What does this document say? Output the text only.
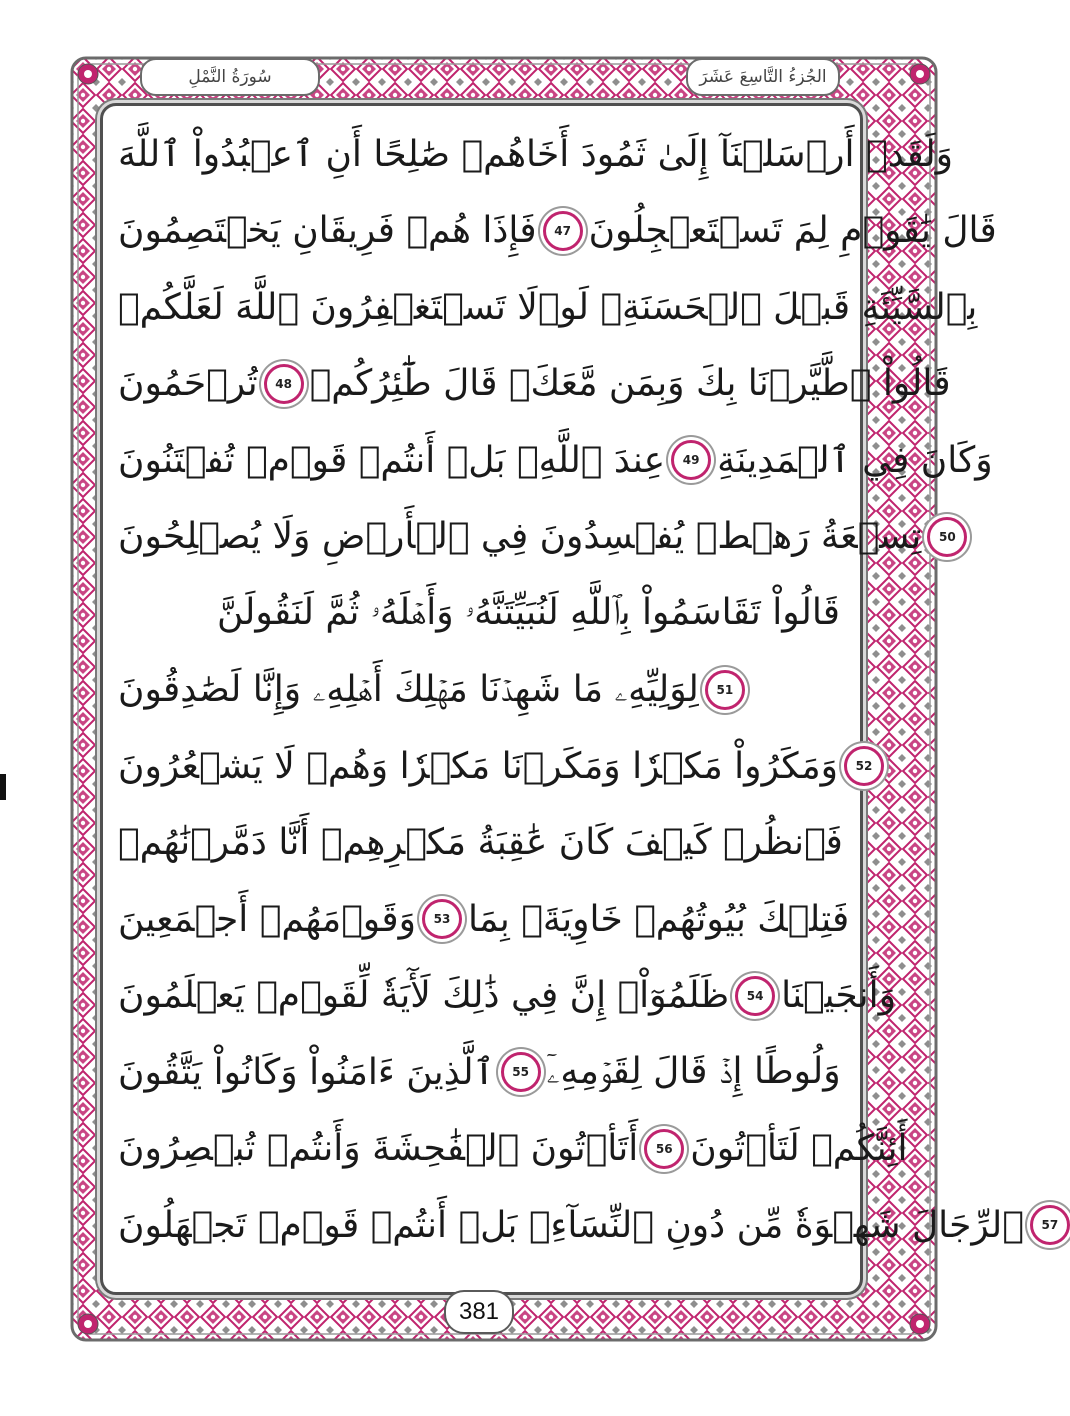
سُورَةُ النَّمْلِ	الجُزءُ التَّاسِعَ عَشَرَ
وَلَقَدۡ أَرۡسَلۡنَآ إِلَىٰ ثَمُودَ أَخَاهُمۡ صَٰلِحًا أَنِ ٱعۡبُدُواْ ٱللَّهَ
فَإِذَا هُمۡ فَرِيقَانِ يَخۡتَصِمُونَ	47 قَالَ يَٰقَوۡمِ لِمَ تَسۡتَعۡجِلُونَ
بِٱلسَّيِّئَةِ قَبۡلَ ٱلۡحَسَنَةِۖ لَوۡلَا تَسۡتَغۡفِرُونَ ٱللَّهَ لَعَلَّكُمۡ
تُرۡحَمُونَ	48 قَالُواْ ٱطَّيَّرۡنَا بِكَ وَبِمَن مَّعَكَۚ قَالَ طَٰٓئِرُكُمۡ
عِندَ ٱللَّهِۖ بَلۡ أَنتُمۡ قَوۡمٞ تُفۡتَنُونَ	49 وَكَانَ فِي ٱلۡمَدِينَةِ
تِسۡعَةُ رَهۡطٖ يُفۡسِدُونَ فِي ٱلۡأَرۡضِ وَلَا يُصۡلِحُونَ	50
قَالُواْ تَقَاسَمُواْ بِٱللَّهِ لَنُبَيِّتَنَّهُۥ وَأَهۡلَهُۥ ثُمَّ لَنَقُولَنَّ
لِوَلِيِّهِۦ مَا شَهِدۡنَا مَهۡلِكَ أَهۡلِهِۦ وَإِنَّا لَصَٰدِقُونَ	51
وَمَكَرُواْ مَكۡرٗا وَمَكَرۡنَا مَكۡرٗا وَهُمۡ لَا يَشۡعُرُونَ	52
فَٱنظُرۡ كَيۡفَ كَانَ عَٰقِبَةُ مَكۡرِهِمۡ أَنَّا دَمَّرۡنَٰهُمۡ
وَقَوۡمَهُمۡ أَجۡمَعِينَ	53 فَتِلۡكَ بُيُوتُهُمۡ خَاوِيَةَۢ بِمَا
ظَلَمُوٓاْۚ إِنَّ فِي ذَٰلِكَ لَأٓيَةٗ لِّقَوۡمٖ يَعۡلَمُونَ	54 وَأَنجَيۡنَا
ٱلَّذِينَ ءَامَنُواْ وَكَانُواْ يَتَّقُونَ	55 وَلُوطًا إِذۡ قَالَ لِقَوۡمِهِۦٓ
أَتَأۡتُونَ ٱلۡفَٰحِشَةَ وَأَنتُمۡ تُبۡصِرُونَ	56 أَئِنَّكُمۡ لَتَأۡتُونَ
ٱلرِّجَالَ شَهۡوَةٗ مِّن دُونِ ٱلنِّسَآءِۚ بَلۡ أَنتُمۡ قَوۡمٞ تَجۡهَلُونَ	57
381
